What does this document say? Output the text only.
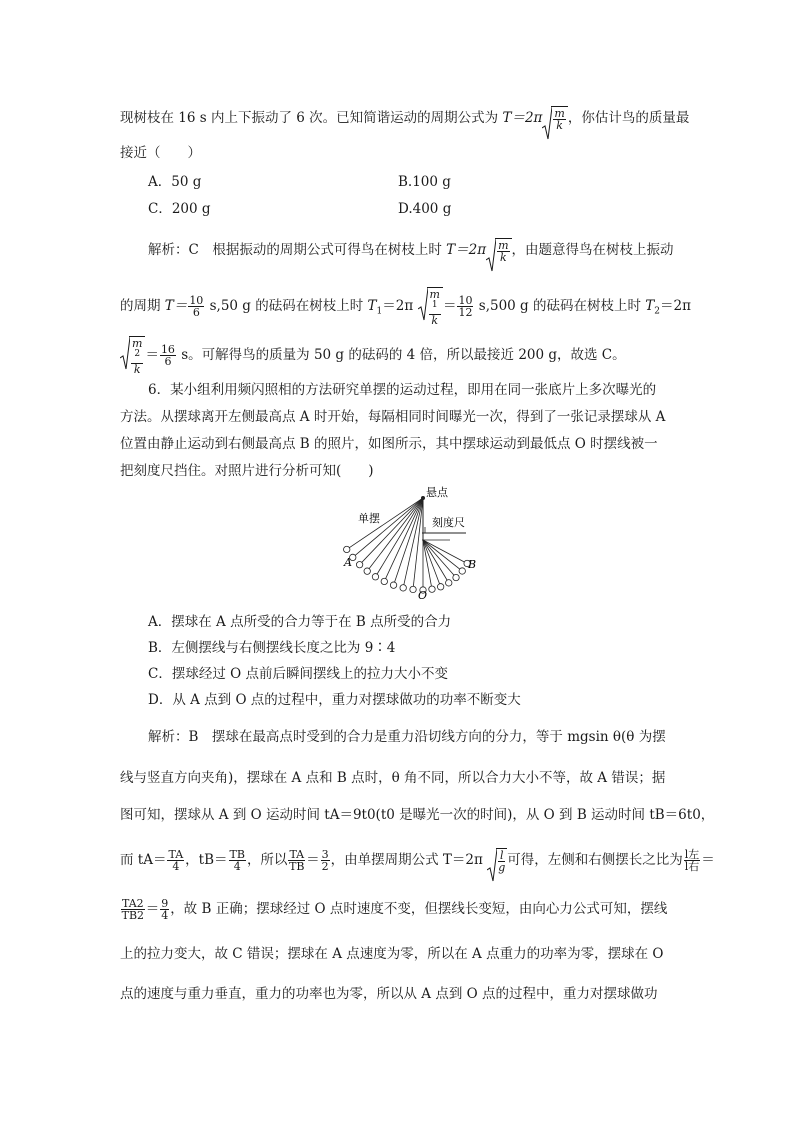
现树枝在 16 s 内上下振动了 6 次。已知简谐运动的周期公式为 $T=2\pi \frac{m}{k}$ ，你估计鸟的质量最
接近（　　）
A．50 g	B.100 g
C．200 g	D.400 g
解析：C　根据振动的周期公式可得鸟在树枝上时 $T=2\pi \frac{m}{k}$ ，由题意得鸟在树枝上振动
的周期 $T= \frac{10}{6} s,50$ g 的砝码在树枝上时 $T_1=2\pi$ m
$^1$
$k = \frac{10}{12} s,500$ g 的砝码在树枝上时 $T_2=2\pi$
m
$^2$
$k = \frac{16}{6}$ s。可解得鸟的质量为 50 g 的砝码的 4 倍，所以最接近 200 g，故选 C。
6．某小组利用频闪照相的方法研究单摆的运动过程，即用在同一张底片上多次曝光的
方法。从摆球离开左侧最高点 A 时开始，每隔相同时间曝光一次，得到了一张记录摆球从 A
位置由静止运动到右侧最高点 B 的照片，如图所示，其中摆球运动到最低点 O 时摆线被一
把刻度尺挡住。对照片进行分析可知(　　)
悬点
单摆	刻度尺
A	B
O
A．摆球在 A 点所受的合力等于在 B 点所受的合力
B．左侧摆线与右侧摆线长度之比为 9∶4
C．摆球经过 O 点前后瞬间摆线上的拉力大小不变
D．从 A 点到 O 点的过程中，重力对摆球做功的功率不断变大
解析：B　摆球在最高点时受到的合力是重力沿切线方向的分力，等于 mgsin θ(θ 为摆
线与竖直方向夹角)，摆球在 A 点和 B 点时，θ 角不同，所以合力大小不等，故 A 错误；据
图可知，摆球从 A 到 O 运动时间 tA＝9t0(t0 是曝光一次的时间)，从 O 到 B 运动时间 tB＝6t0，
而 $tA= \frac{TA}{4}$ ，$tB= \frac{TB}{4}$ ，所以 $\frac{TA}{TB} = \frac{3}{2}$ ，由单摆周期公式 $T=2\pi \frac{l}{g}$ 可得，左侧和右侧摆长之比为 $\frac{\text{l左}}{\text{l右}}$ ＝
$\frac{TA2}{TB2} = \frac{9}{4}$ ，故 B 正确；摆球经过 O 点时速度不变，但摆线长变短，由向心力公式可知，摆线
上的拉力变大，故 C 错误；摆球在 A 点速度为零，所以在 A 点重力的功率为零，摆球在 O
点的速度与重力垂直，重力的功率也为零，所以从 A 点到 O 点的过程中，重力对摆球做功
